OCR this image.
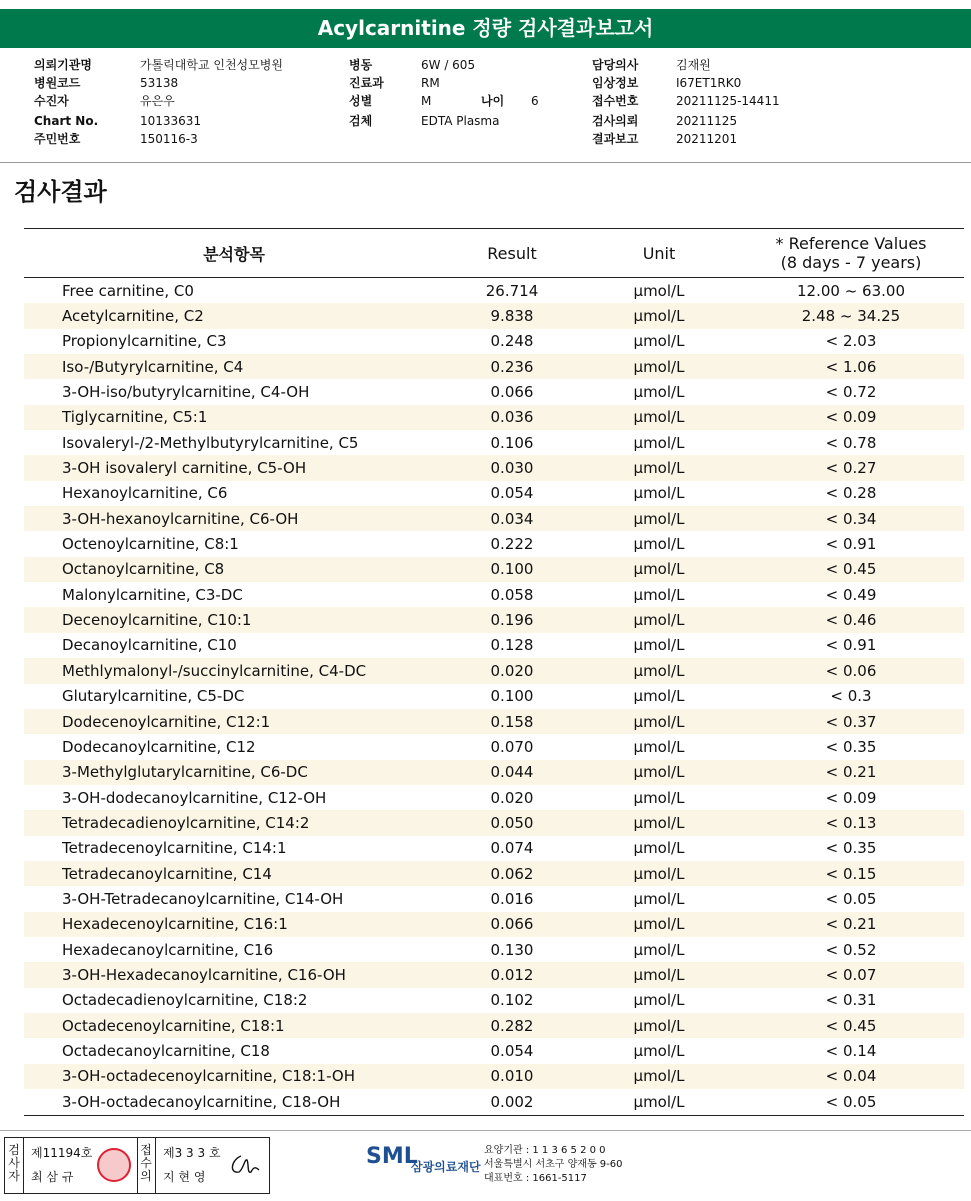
Acylcarnitine 정량 검사결과보고서
의뢰기관명	가톨릭대학교 인천성모병원
병원코드	53138
수진자	유은우
Chart No.	10133631
주민번호	150116-3
병동	6W / 605
진료과	RM
성별	M	나이	6
검체	EDTA Plasma
담당의사	김재원
임상정보	I67ET1RK0
접수번호	20211125-14411
검사의뢰	20211125
결과보고	20211201
검사결과
분석항목	Result	Unit	* Reference Values
(8 days - 7 years)

Free carnitine, C0	26.714	µmol/L	12.00 ~ 63.00
Acetylcarnitine, C2	9.838	µmol/L	2.48 ~ 34.25
Propionylcarnitine, C3	0.248	µmol/L	< 2.03
Iso-/Butyrylcarnitine, C4	0.236	µmol/L	< 1.06
3-OH-iso/butyrylcarnitine, C4-OH	0.066	µmol/L	< 0.72
Tiglycarnitine, C5:1	0.036	µmol/L	< 0.09
Isovaleryl-/2-Methylbutyrylcarnitine, C5	0.106	µmol/L	< 0.78
3-OH isovaleryl carnitine, C5-OH	0.030	µmol/L	< 0.27
Hexanoylcarnitine, C6	0.054	µmol/L	< 0.28
3-OH-hexanoylcarnitine, C6-OH	0.034	µmol/L	< 0.34
Octenoylcarnitine, C8:1	0.222	µmol/L	< 0.91
Octanoylcarnitine, C8	0.100	µmol/L	< 0.45
Malonylcarnitine, C3-DC	0.058	µmol/L	< 0.49
Decenoylcarnitine, C10:1	0.196	µmol/L	< 0.46
Decanoylcarnitine, C10	0.128	µmol/L	< 0.91
Methlymalonyl-/succinylcarnitine, C4-DC	0.020	µmol/L	< 0.06
Glutarylcarnitine, C5-DC	0.100	µmol/L	< 0.3
Dodecenoylcarnitine, C12:1	0.158	µmol/L	< 0.37
Dodecanoylcarnitine, C12	0.070	µmol/L	< 0.35
3-Methylglutarylcarnitine, C6-DC	0.044	µmol/L	< 0.21
3-OH-dodecanoylcarnitine, C12-OH	0.020	µmol/L	< 0.09
Tetradecadienoylcarnitine, C14:2	0.050	µmol/L	< 0.13
Tetradecenoylcarnitine, C14:1	0.074	µmol/L	< 0.35
Tetradecanoylcarnitine, C14	0.062	µmol/L	< 0.15
3-OH-Tetradecanoylcarnitine, C14-OH	0.016	µmol/L	< 0.05
Hexadecenoylcarnitine, C16:1	0.066	µmol/L	< 0.21
Hexadecanoylcarnitine, C16	0.130	µmol/L	< 0.52
3-OH-Hexadecanoylcarnitine, C16-OH	0.012	µmol/L	< 0.07
Octadecadienoylcarnitine, C18:2	0.102	µmol/L	< 0.31
Octadecenoylcarnitine, C18:1	0.282	µmol/L	< 0.45
Octadecanoylcarnitine, C18	0.054	µmol/L	< 0.14
3-OH-octadecenoylcarnitine, C18:1-OH	0.010	µmol/L	< 0.04
3-OH-octadecanoylcarnitine, C18-OH	0.002	µmol/L	< 0.05
검사자
제11194호
최 삼 규
접수의
제3 3 3 호
지 현 영
SML
삼광의료재단
요양기관 : 1 1 3 6 5 2 0 0
서울특별시 서초구 양재동 9-60
대표번호 : 1661-5117
